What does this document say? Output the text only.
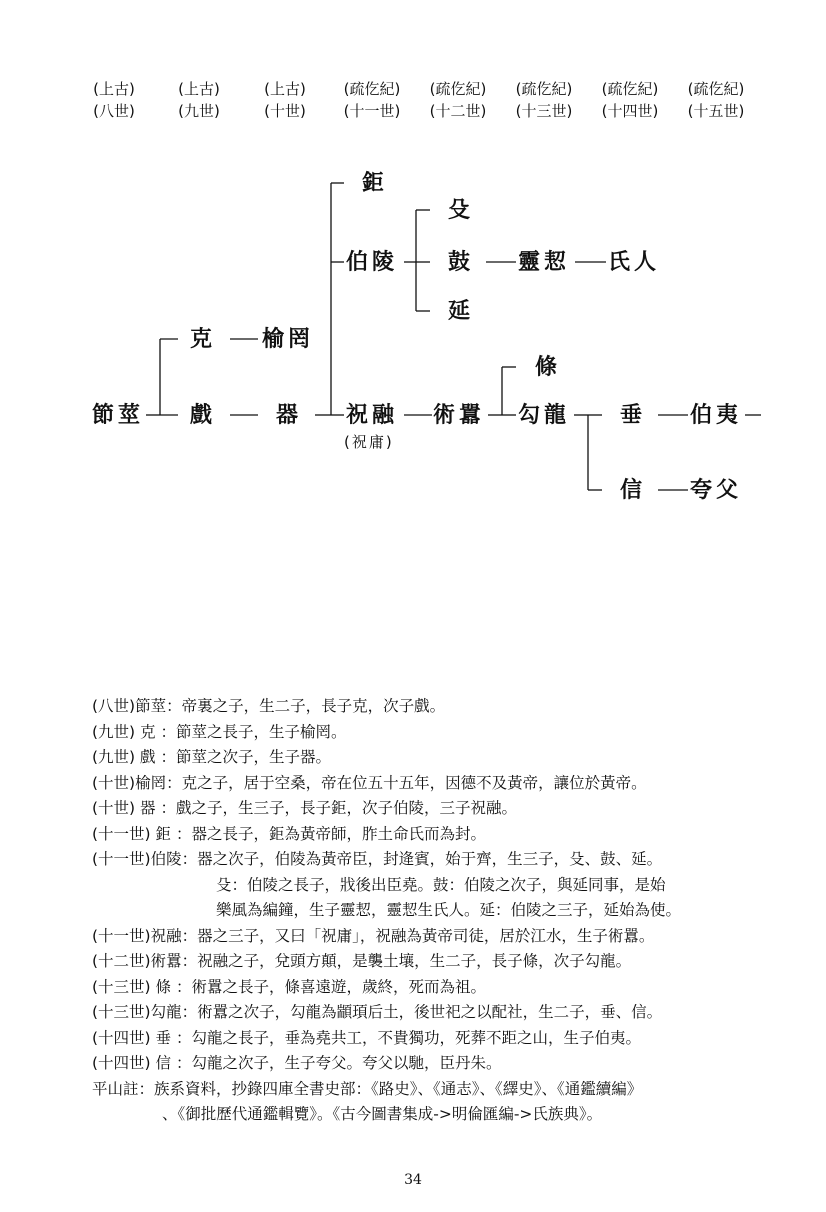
(上古)
(八世)
(上古)
(九世)
(上古)
(十世)
(疏仡紀)
(十一世)
(疏仡紀)
(十二世)
(疏仡紀)
(十三世)
(疏仡紀)
(十四世)
(疏仡紀)
(十五世)
節莖
克
戲
榆罔
器
鉅
伯陵
祝融
(祝庸)
殳
鼓
延
靈恝 氏人
術囂
條
勾龍 垂 伯夷
信 夸父
(八世)節莖：帝裏之子，生二子，長子克，次子戲。
(九世) 克 ：節莖之長子，生子榆罔。
(九世) 戲 ：節莖之次子，生子器。
(十世)榆罔：克之子，居于空桑，帝在位五十五年，因德不及黃帝，讓位於黃帝。
(十世) 器 ：戲之子，生三子，長子鉅，次子伯陵，三子祝融。
(十一世) 鉅 ：器之長子，鉅為黃帝師，胙土命氏而為封。
(十一世)伯陵：器之次子，伯陵為黃帝臣，封逄賓，始于齊，生三子，殳、鼓、延。
殳：伯陵之長子，戕後出臣堯。鼓：伯陵之次子，與延同事，是始
樂風為編鐘，生子靈恝，靈恝生氏人。延：伯陵之三子，延始為使。
(十一世)祝融：器之三子，又曰「祝庸」，祝融為黃帝司徒，居於江水，生子術囂。
(十二世)術囂：祝融之子，兌頭方顛，是襲土壤，生二子，長子條，次子勾龍。
(十三世) 條 ：術囂之長子，條喜遠遊，歲終，死而為祖。
(十三世)勾龍：術囂之次子，勾龍為顓頊后土，後世祀之以配社，生二子，垂、信。
(十四世) 垂 ：勾龍之長子，垂為堯共工，不貴獨功，死葬不距之山，生子伯夷。
(十四世) 信 ：勾龍之次子，生子夸父。夸父以馳，臣丹朱。
平山註：族系資料，抄錄四庫全書史部：《路史》、《通志》、《繹史》、《通鑑續編》
、《御批歷代通鑑輯覽》。《古今圖書集成->明倫匯編->氏族典》。
34
